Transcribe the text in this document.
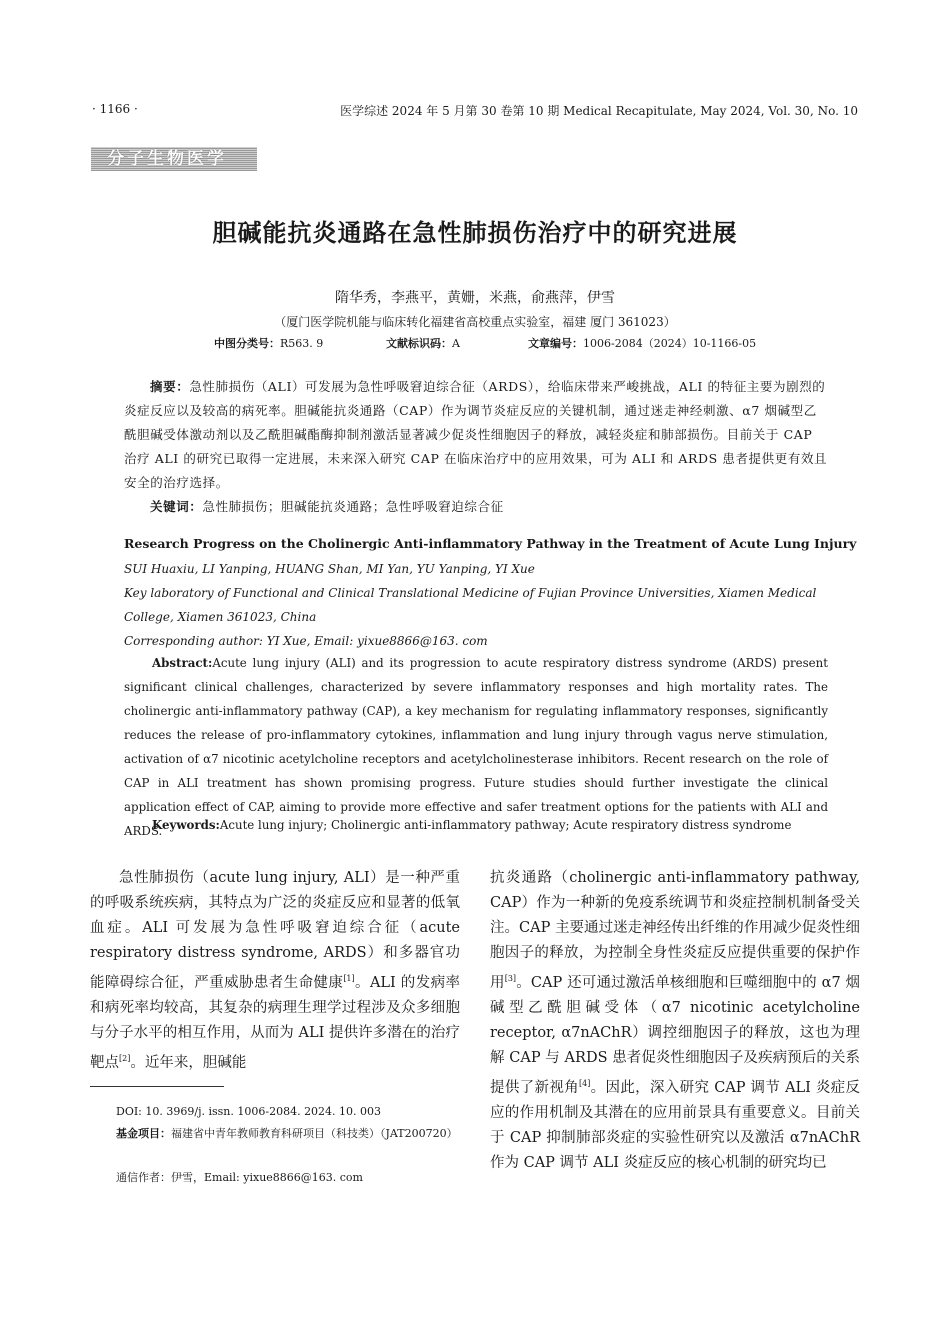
· 1166 ·	医学综述 2024 年 5 月第 30 卷第 10 期 Medical Recapitulate, May 2024, Vol. 30, No. 10
分子生物医学
胆碱能抗炎通路在急性肺损伤治疗中的研究进展
隋华秀，李燕平，黄姗，米燕，俞燕萍，伊雪
（厦门医学院机能与临床转化福建省高校重点实验室，福建 厦门 361023）
中图分类号：R563. 9	文献标识码：A	文章编号：1006-2084（2024）10-1166-05
摘要：急性肺损伤（ALI）可发展为急性呼吸窘迫综合征（ARDS），给临床带来严峻挑战，ALI 的特征主要为剧烈的炎症反应以及较高的病死率。胆碱能抗炎通路（CAP）作为调节炎症反应的关键机制，通过迷走神经刺激、α7 烟碱型乙酰胆碱受体激动剂以及乙酰胆碱酯酶抑制剂激活显著减少促炎性细胞因子的释放，减轻炎症和肺部损伤。目前关于 CAP 治疗 ALI 的研究已取得一定进展，未来深入研究 CAP 在临床治疗中的应用效果，可为 ALI 和 ARDS 患者提供更有效且安全的治疗选择。
关键词：急性肺损伤；胆碱能抗炎通路；急性呼吸窘迫综合征
Research Progress on the Cholinergic Anti-inflammatory Pathway in the Treatment of Acute Lung Injury
SUI Huaxiu, LI Yanping, HUANG Shan, MI Yan, YU Yanping, YI Xue
Key laboratory of Functional and Clinical Translational Medicine of Fujian Province Universities, Xiamen Medical College, Xiamen 361023, China
Corresponding author: YI Xue, Email: yixue8866@163. com
Abstract:Acute lung injury (ALI) and its progression to acute respiratory distress syndrome (ARDS) present significant clinical challenges, characterized by severe inflammatory responses and high mortality rates. The cholinergic anti-inflammatory pathway (CAP), a key mechanism for regulating inflammatory responses, significantly reduces the release of pro-inflammatory cytokines, inflammation and lung injury through vagus nerve stimulation, activation of α7 nicotinic acetylcholine receptors and acetylcholinesterase inhibitors. Recent research on the role of CAP in ALI treatment has shown promising progress. Future studies should further investigate the clinical application effect of CAP, aiming to provide more effective and safer treatment options for the patients with ALI and ARDS.
Keywords:Acute lung injury; Cholinergic anti-inflammatory pathway; Acute respiratory distress syndrome
急性肺损伤（acute lung injury, ALI）是一种严重的呼吸系统疾病，其特点为广泛的炎症反应和显著的低氧血症。ALI 可发展为急性呼吸窘迫综合征（acute respiratory distress syndrome, ARDS）和多器官功能障碍综合征，严重威胁患者生命健康[1]。ALI 的发病率和病死率均较高，其复杂的病理生理学过程涉及众多细胞与分子水平的相互作用，从而为 ALI 提供许多潜在的治疗靶点[2]。近年来，胆碱能
抗炎通路（cholinergic anti-inflammatory pathway, CAP）作为一种新的免疫系统调节和炎症控制机制备受关注。CAP 主要通过迷走神经传出纤维的作用减少促炎性细胞因子的释放，为控制全身性炎症反应提供重要的保护作用[3]。CAP 还可通过激活单核细胞和巨噬细胞中的 α7 烟碱型乙酰胆碱受体（α7 nicotinic acetylcholine receptor, α7nAChR）调控细胞因子的释放，这也为理解 CAP 与 ARDS 患者促炎性细胞因子及疾病预后的关系提供了新视角[4]。因此，深入研究 CAP 调节 ALI 炎症反应的作用机制及其潜在的应用前景具有重要意义。目前关于 CAP 抑制肺部炎症的实验性研究以及激活 α7nAChR 作为 CAP 调节 ALI 炎症反应的核心机制的研究均已
DOI: 10. 3969/j. issn. 1006-2084. 2024. 10. 003
基金项目：福建省中青年教师教育科研项目（科技类）（JAT200720）
通信作者：伊雪，Email: yixue8866@163. com
